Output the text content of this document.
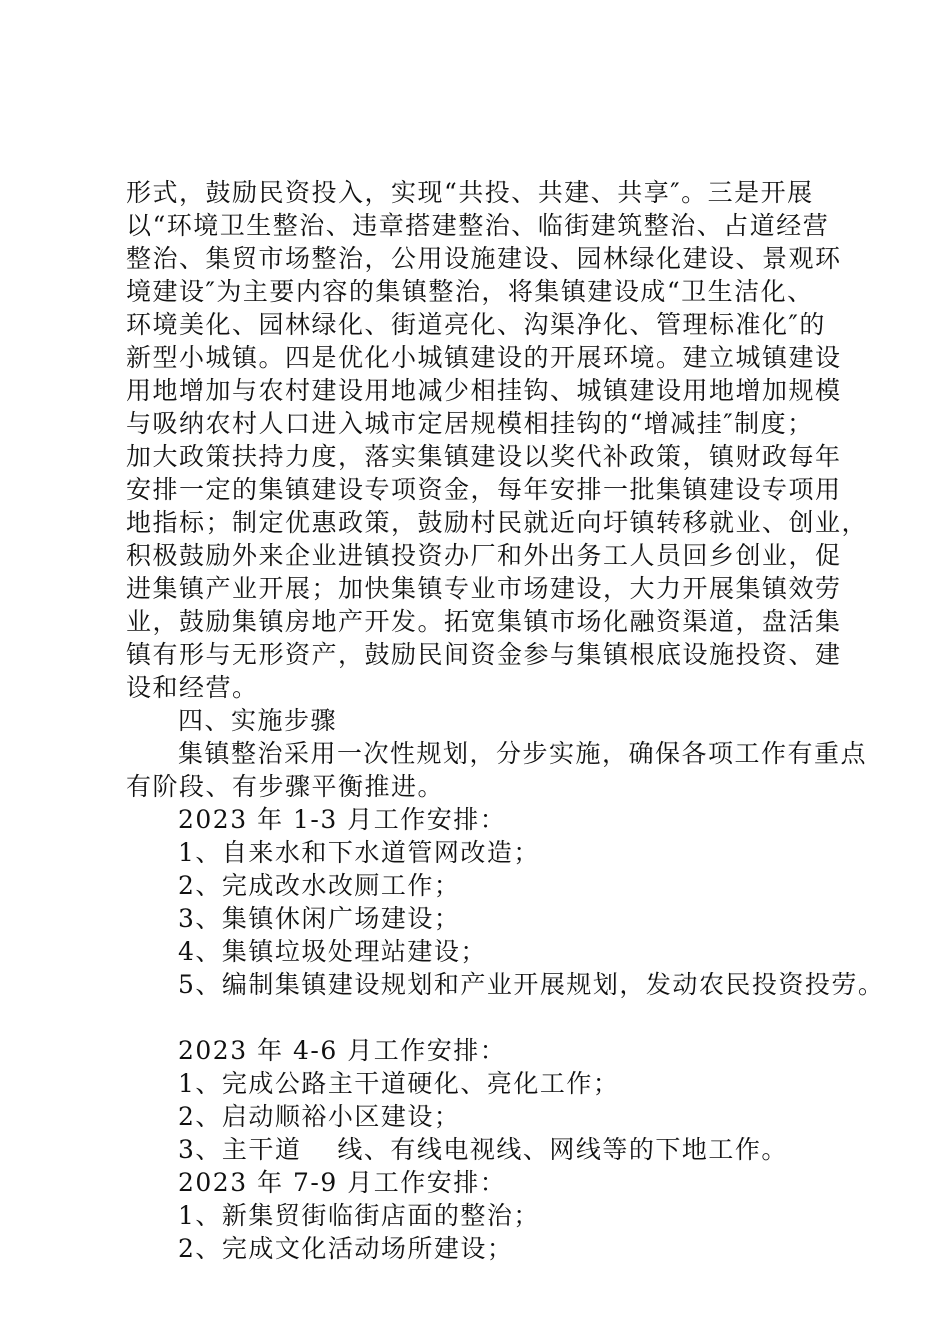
形式，鼓励民资投入，实现“共投、共建、共享″。三是开展
以“环境卫生整治、违章搭建整治、临街建筑整治、占道经营
整治、集贸市场整治，公用设施建设、园林绿化建设、景观环
境建设″为主要内容的集镇整治，将集镇建设成“卫生洁化、
环境美化、园林绿化、街道亮化、沟渠净化、管理标准化″的
新型小城镇。四是优化小城镇建设的开展环境。建立城镇建设
用地增加与农村建设用地减少相挂钩、城镇建设用地增加规模
与吸纳农村人口进入城市定居规模相挂钩的“增减挂″制度；
加大政策扶持力度，落实集镇建设以奖代补政策，镇财政每年
安排一定的集镇建设专项资金，每年安排一批集镇建设专项用
地指标；制定优惠政策，鼓励村民就近向圩镇转移就业、创业，
积极鼓励外来企业进镇投资办厂和外出务工人员回乡创业，促
进集镇产业开展；加快集镇专业市场建设，大力开展集镇效劳
业，鼓励集镇房地产开发。拓宽集镇市场化融资渠道，盘活集
镇有形与无形资产，鼓励民间资金参与集镇根底设施投资、建
设和经营。
四、实施步骤
集镇整治采用一次性规划，分步实施，确保各项工作有重点
有阶段、有步骤平衡推进。
2023 年 1-3 月工作安排：
1、自来水和下水道管网改造；
2、完成改水改厕工作；
3、集镇休闲广场建设；
4、集镇垃圾处理站建设；
5、编制集镇建设规划和产业开展规划，发动农民投资投劳。
2023 年 4-6 月工作安排：
1、完成公路主干道硬化、亮化工作；
2、启动顺裕小区建设；
3、主干道　 线、有线电视线、网线等的下地工作。
2023 年 7-9 月工作安排：
1、新集贸街临街店面的整治；
2、完成文化活动场所建设；
